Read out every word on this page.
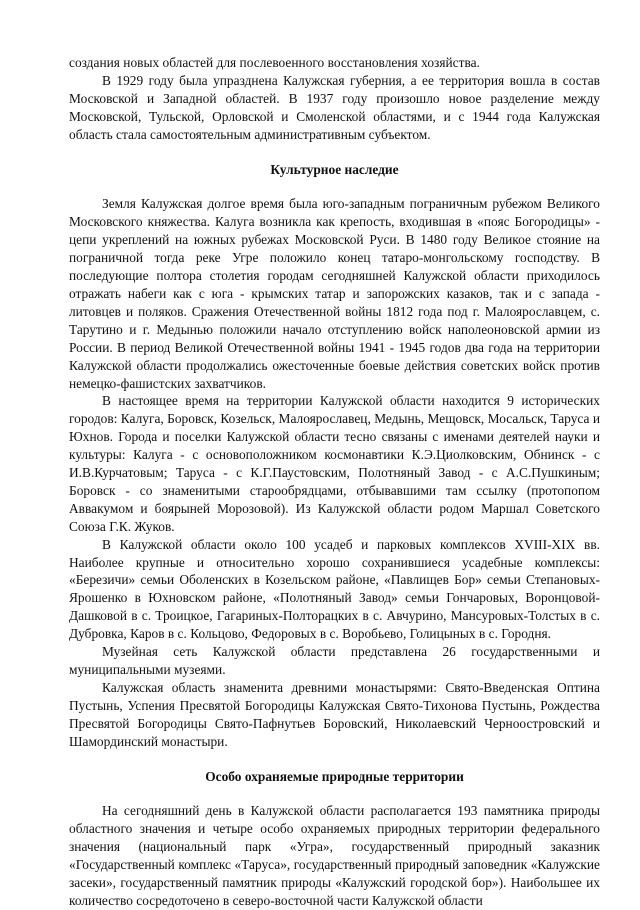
создания новых областей для послевоенного восстановления хозяйства.

В 1929 году была упразднена Калужская губерния, а ее территория вошла в состав Московской и Западной областей. В 1937 году произошло новое разделение между Московской, Тульской, Орловской и Смоленской областями, и с 1944 года Калужская область стала самостоятельным административным субъектом.

Культурное наследие

Земля Калужская долгое время была юго-западным пограничным рубежом Великого Московского княжества. Калуга возникла как крепость, входившая в «пояс Богородицы» - цепи укреплений на южных рубежах Московской Руси. В 1480 году Великое стояние на пограничной тогда реке Угре положило конец татаро-монгольскому господству. В последующие полтора столетия городам сегодняшней Калужской области приходилось отражать набеги как с юга - крымских татар и запорожских казаков, так и с запада - литовцев и поляков. Сражения Отечественной войны 1812 года под г. Малоярославцем, с. Тарутино и г. Медынью положили начало отступлению войск наполеоновской армии из России. В период Великой Отечественной войны 1941 - 1945 годов два года на территории Калужской области продолжались ожесточенные боевые действия советских войск против немецко-фашистских захватчиков.

В настоящее время на территории Калужской области находится 9 исторических городов: Калуга, Боровск, Козельск, Малоярославец, Медынь, Мещовск, Мосальск, Таруса и Юхнов. Города и поселки Калужской области тесно связаны с именами деятелей науки и культуры: Калуга - с основоположником космонавтики К.Э.Циолковским, Обнинск - с И.В.Курчатовым; Таруса - с К.Г.Паустовским, Полотняный Завод - с А.С.Пушкиным; Боровск - со знаменитыми старообрядцами, отбывавшими там ссылку (протопопом Аввакумом и боярыней Морозовой). Из Калужской области родом Маршал Советского Союза Г.К. Жуков.

В Калужской области около 100 усадеб и парковых комплексов XVIII-XIX вв. Наиболее крупные и относительно хорошо сохранившиеся усадебные комплексы: «Березичи» семьи Оболенских в Козельском районе, «Павлищев Бор» семьи Степановых-Ярошенко в Юхновском районе, «Полотняный Завод» семьи Гончаровых, Воронцовой-Дашковой в с. Троицкое, Гагариных-Полторацких в с. Авчурино, Мансуровых-Толстых в с. Дубровка, Каров в с. Кольцово, Федоровых в с. Воробьево, Голицыных в с. Городня.

Музейная сеть Калужской области представлена 26 государственными и муниципальными музеями.

Калужская область знаменита древними монастырями: Свято-Введенская Оптина Пустынь, Успения Пресвятой Богородицы Калужская Свято-Тихонова Пустынь, Рождества Пресвятой Богородицы Свято-Пафнутьев Боровский, Николаевский Черноостровский и Шамординский монастыри.

Особо охраняемые природные территории

На сегодняшний день в Калужской области располагается 193 памятника природы областного значения и четыре особо охраняемых природных территории федерального значения (национальный парк «Угра», государственный природный заказник «Государственный комплекс «Таруса», государственный природный заповедник «Калужские засеки», государственный памятник природы «Калужский городской бор»). Наибольшее их количество сосредоточено в северо-восточной части Калужской области
